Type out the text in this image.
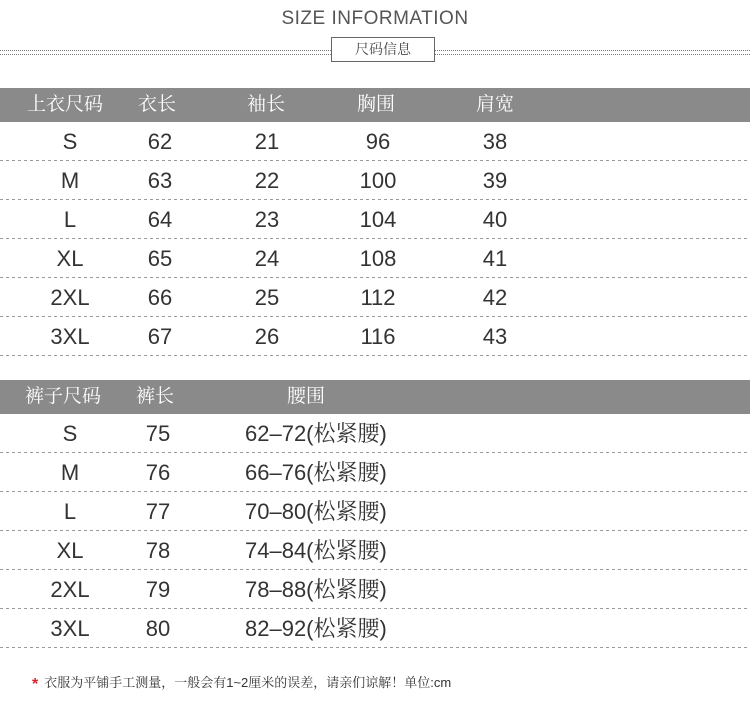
SIZE INFORMATION
尺码信息
上衣尺码 衣长	袖长	胸围	肩宽
S	62	21	96	38
M	63	22	100	39
L	64	23	104	40
XL	65	24	108	41
2XL	66	25	112	42
3XL	67	26	116	43
裤子尺码 裤长	腰围
S	75	62–72(松紧腰)
M	76	66–76(松紧腰)
L	77	70–80(松紧腰)
XL	78	74–84(松紧腰)
2XL	79	78–88(松紧腰)
3XL	80	82–92(松紧腰)
* 衣服为平铺手工测量，一般会有1~2厘米的误差，请亲们谅解！单位:cm
